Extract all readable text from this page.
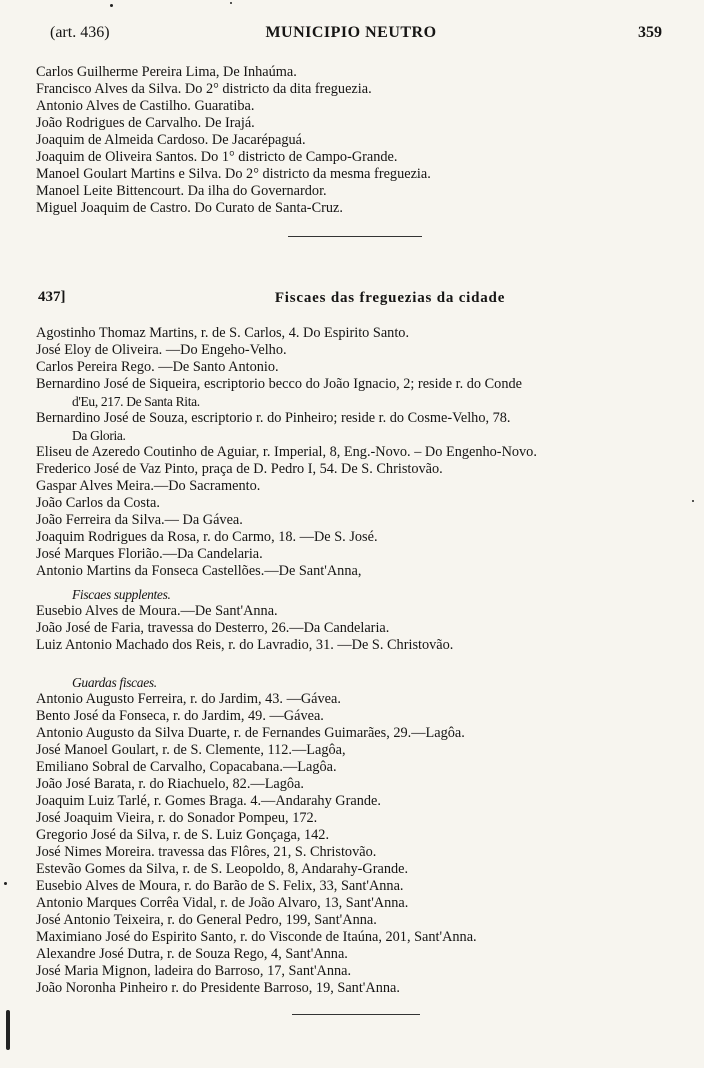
(art. 436)	MUNICIPIO NEUTRO	359
Carlos Guilherme Pereira Lima, De Inhaúma.
Francisco Alves da Silva. Do 2° districto da dita freguezia.
Antonio Alves de Castilho. Guaratiba.
João Rodrigues de Carvalho. De Irajá.
Joaquim de Almeida Cardoso. De Jacarépaguá.
Joaquim de Oliveira Santos. Do 1° districto de Campo-Grande.
Manoel Goulart Martins e Silva. Do 2° districto da mesma freguezia.
Manoel Leite Bittencourt. Da ilha do Governardor.
Miguel Joaquim de Castro. Do Curato de Santa-Cruz.
437]	Fiscaes das freguezias da cidade
Agostinho Thomaz Martins, r. de S. Carlos, 4. Do Espirito Santo.
José Eloy de Oliveira. —Do Engeho-Velho.
Carlos Pereira Rego. —De Santo Antonio.
Bernardino José de Siqueira, escriptorio becco do João Ignacio, 2; reside r. do Conde
d'Eu, 217. De Santa Rita.
Bernardino José de Souza, escriptorio r. do Pinheiro; reside r. do Cosme-Velho, 78.
Da Gloria.
Eliseu de Azeredo Coutinho de Aguiar, r. Imperial, 8, Eng.-Novo. – Do Engenho-Novo.
Frederico José de Vaz Pinto, praça de D. Pedro I, 54. De S. Christovão.
Gaspar Alves Meira.—Do Sacramento.
João Carlos da Costa.
João Ferreira da Silva.— Da Gávea.
Joaquim Rodrigues da Rosa, r. do Carmo, 18. —De S. José.
José Marques Florião.—Da Candelaria.
Antonio Martins da Fonseca Castellões.—De Sant'Anna,
Fiscaes supplentes.
Eusebio Alves de Moura.—De Sant'Anna.
João José de Faria, travessa do Desterro, 26.—Da Candelaria.
Luiz Antonio Machado dos Reis, r. do Lavradio, 31. —De S. Christovão.
Guardas fiscaes.
Antonio Augusto Ferreira, r. do Jardim, 43. —Gávea.
Bento José da Fonseca, r. do Jardim, 49. —Gávea.
Antonio Augusto da Silva Duarte, r. de Fernandes Guimarães, 29.—Lagôa.
José Manoel Goulart, r. de S. Clemente, 112.—Lagôa,
Emiliano Sobral de Carvalho, Copacabana.—Lagôa.
João José Barata, r. do Riachuelo, 82.—Lagôa.
Joaquim Luiz Tarlé, r. Gomes Braga. 4.—Andarahy Grande.
José Joaquim Vieira, r. do Sonador Pompeu, 172.
Gregorio José da Silva, r. de S. Luiz Gonçaga, 142.
José Nimes Moreira. travessa das Flôres, 21, S. Christovão.
Estevão Gomes da Silva, r. de S. Leopoldo, 8, Andarahy-Grande.
Eusebio Alves de Moura, r. do Barão de S. Felix, 33, Sant'Anna.
Antonio Marques Corrêa Vidal, r. de João Alvaro, 13, Sant'Anna.
José Antonio Teixeira, r. do General Pedro, 199, Sant'Anna.
Maximiano José do Espirito Santo, r. do Visconde de Itaúna, 201, Sant'Anna.
Alexandre José Dutra, r. de Souza Rego, 4, Sant'Anna.
José Maria Mignon, ladeira do Barroso, 17, Sant'Anna.
João Noronha Pinheiro r. do Presidente Barroso, 19, Sant'Anna.
